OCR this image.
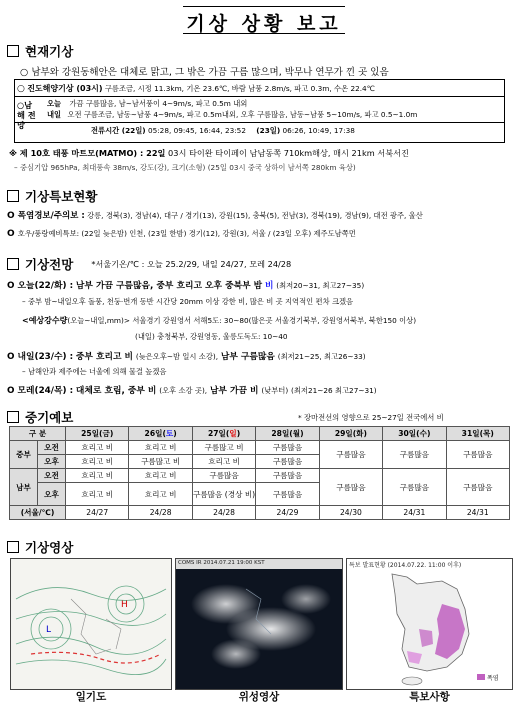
기상 상황 보고
현재기상
○ 남부와 강원동해안은 대체로 맑고, 그 밖은 가끔 구름 많으며, 박무나 연무가 낀 곳 있음
○ 진도해양기상 (03시) 구름조금, 시정 11.3km, 기온 23.6℃, 바람 남풍 2.8m/s, 파고 0.3m, 수온 22.4℃
○남해 전망
오늘 가끔 구름많음, 남~남서풍이 4~9m/s, 파고 0.5m 내외
내일 오전 구름조금, 남동~남풍 4~9m/s, 파고 0.5m내외, 오후 구름많음, 남동~남풍 5~10m/s, 파고 0.5~1.0m
전류시간 (22일) 05:28, 09:45, 16:44, 23:52 (23일) 06:26, 10:49, 17:38
※ 제 10호 태풍 마트모(MATMO) : 22일 03시 타이완 타이페이 남남동쪽 710km해상, 매시 21km 서북서진
– 중심기압 965hPa, 최대풍속 38m/s, 강도(강), 크기(소형) (25일 03시 중국 상하이 남서쪽 280km 육상)
기상특보현황
O 폭염경보/주의보 : 강릉, 경북(3), 경남(4), 대구 / 경기(13), 강원(15), 충북(5), 전남(3), 경북(19), 경남(9), 대전 광주, 울산
O 호우/풍랑예비특보: (22일 늦은밤) 인천, (23일 한밤) 경기(12), 강원(3), 서울 / (23일 오후) 제주도남쪽먼
기상전망 *서울기온/℃ : 오늘 25.2/29, 내일 24/27, 모레 24/28
O 오늘(22/화) : 남부 가끔 구름많음, 중부 흐리고 오후 중북부 밤 비 (최저20~31, 최고27~35)
– 중부 밤~내일오후 돌풍, 천둥·번개 동반 시간당 20mm 이상 강한 비, 많은 비 곳 지역적인 편차 크겠음
<예상강수량(오늘~내일,mm)> 서울경기 강원영서 서해5도: 30~80(많은곳 서울경기북부, 강원영서북부, 북한150 이상)
(내일) 충청북부, 강원영동, 울릉도독도: 10~40
O 내일(23/수) : 중부 흐리고 비 (늦은오후~밤 일시 소강), 남부 구름많음 (최저21~25, 최고26~33)
– 남해안과 제주에는 너울에 의해 물결 높겠음
O 모레(24/목) : 대체로 흐림, 중부 비 (오후 소강 곳), 남부 가끔 비 (낮부터) (최저21~26 최고27~31)
중기예보	* 장마전선의 영향으로 25~27일 전국에서 비
구 분		25일(금)	26일(토)	27일(일)	28일(월)	29일(화)	30일(수)	31일(목)
중부	오전	흐리고 비	흐리고 비	구름많고 비	구름많음	구름많음	구름많음	구름많음
	오후	흐리고 비	구름많고 비	흐리고 비	구름많음			
남부	오전	흐리고 비	흐리고 비	구름많음	구름많음	구름많음	구름많음	구름많음
	오후	흐리고 비	흐리고 비	구름많음 (경상 비)	구름많음			
(서울/℃)		24/27	24/28	24/28	24/29	24/30	24/31	24/31
기상영상
L
H
COMS IR 2014.07.21 19:00 KST	특보 발표현황 (2014.07.22. 11:00 이후)
폭염
일기도	위성영상	특보사항
